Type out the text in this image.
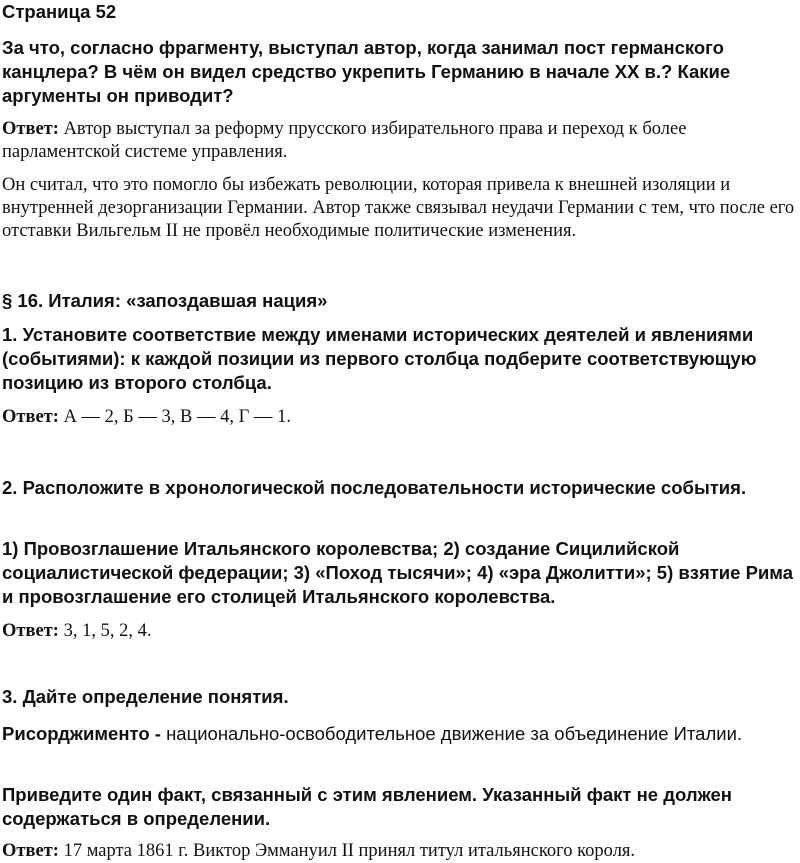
Страница 52
За что, согласно фрагменту, выступал автор, когда занимал пост германского канцлера? В чём он видел средство укрепить Германию в начале XX в.? Какие аргументы он приводит?
Ответ: Автор выступал за реформу прусского избирательного права и переход к более парламентской системе управления.
Он считал, что это помогло бы избежать революции, которая привела к внешней изоляции и внутренней дезорганизации Германии. Автор также связывал неудачи Германии с тем, что после его отставки Вильгельм II не провёл необходимые политические изменения.
§ 16. Италия: «запоздавшая нация»
1. Установите соответствие между именами исторических деятелей и явлениями (событиями): к каждой позиции из первого столбца подберите соответствующую позицию из второго столбца.
Ответ: А — 2, Б — 3, В — 4, Г — 1.
2. Расположите в хронологической последовательности исторические события.
1) Провозглашение Итальянского королевства; 2) создание Сицилийской социалистической федерации; 3) «Поход тысячи»; 4) «эра Джолитти»; 5) взятие Рима и провозглашение его столицей Итальянского королевства.
Ответ: 3, 1, 5, 2, 4.
3. Дайте определение понятия.
Рисорджименто - национально-освободительное движение за объединение Италии.
Приведите один факт, связанный с этим явлением. Указанный факт не должен содержаться в определении.
Ответ: 17 марта 1861 г. Виктор Эммануил II принял титул итальянского короля.
